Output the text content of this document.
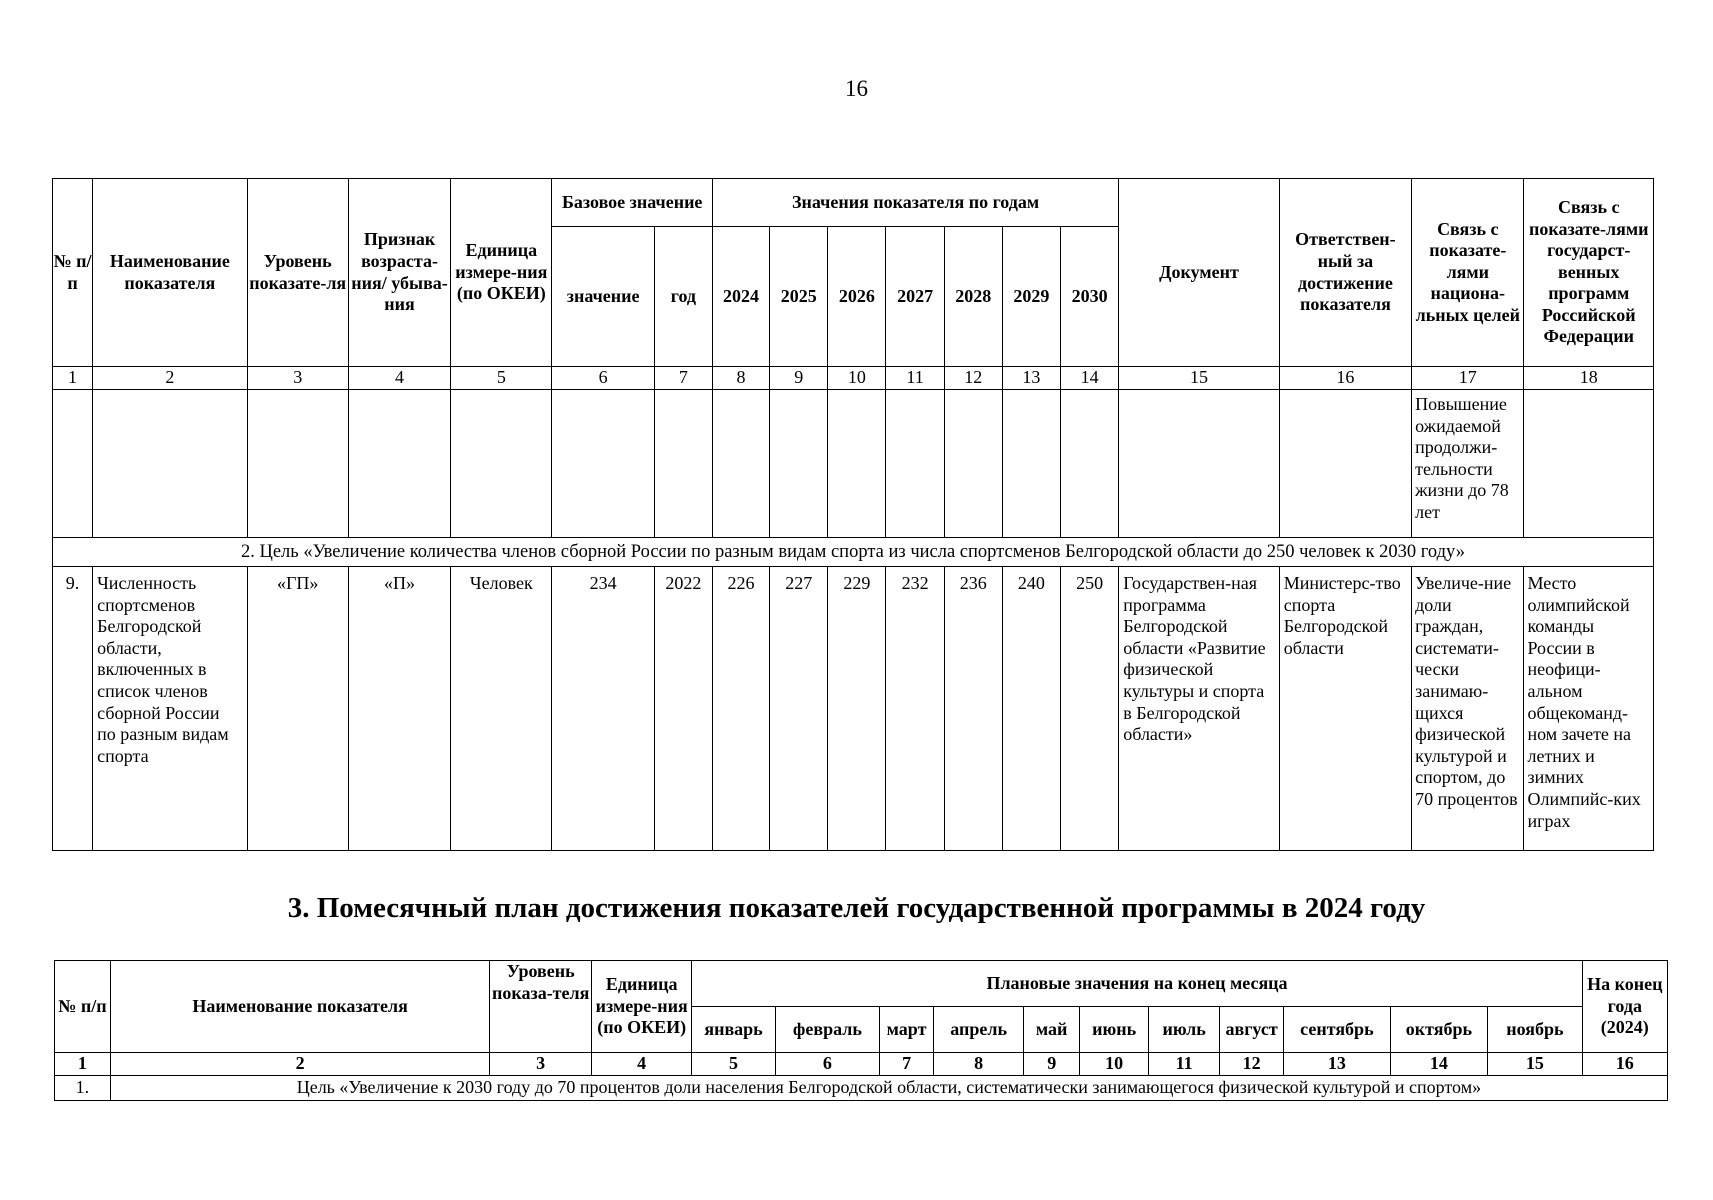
16
№ п/п	Наименование показателя	Уровень показате-ля	Признак возраста-ния/ убыва-ния	Единица измере-ния (по ОКЕИ)	Базовое значение		Значения показателя по годам							Документ	Ответствен-ный за достижение показателя	Связь с показате-лями национа-льных целей	Связь с показате-лями государст-венных программ Российской Федерации
					значение	год	2024	2025	2026	2027	2028	2029	2030				
1	2	3	4	5	6	7	8	9	10	11	12	13	14	15	16	17	18
																Повышение ожидаемой продолжи-тельности жизни до 78 лет	
2. Цель «Увеличение количества членов сборной России по разным видам спорта из числа спортсменов Белгородской области до 250 человек к 2030 году»																	
9.	Численность спортсменов Белгородской области, включенных в список членов сборной России по разным видам спорта	«ГП»	«П»	Человек	234	2022	226	227	229	232	236	240	250	Государствен-ная программа Белгородской области «Развитие физической культуры и спорта в Белгородской области»	Министерс-тво спорта Белгородской области	Увеличе-ние доли граждан, системати-чески занимаю-щихся физической культурой и спортом, до 70 процентов	Место олимпийской команды России в неофици-альном общекоманд-ном зачете на летних и зимних Олимпийс-ких играх
3. Помесячный план достижения показателей государственной программы в 2024 году
№ п/п	Наименование показателя	Уровень показа-теля	Единица измере-ния (по ОКЕИ)	Плановые значения на конец месяца											На конец года (2024)
				январь	февраль	март	апрель	май	июнь	июль	август	сентябрь	октябрь	ноябрь	
1	2	3	4	5	6	7	8	9	10	11	12	13	14	15	16
1.	Цель «Увеличение к 2030 году до 70 процентов доли населения Белгородской области, систематически занимающегося физической культурой и спортом»														
